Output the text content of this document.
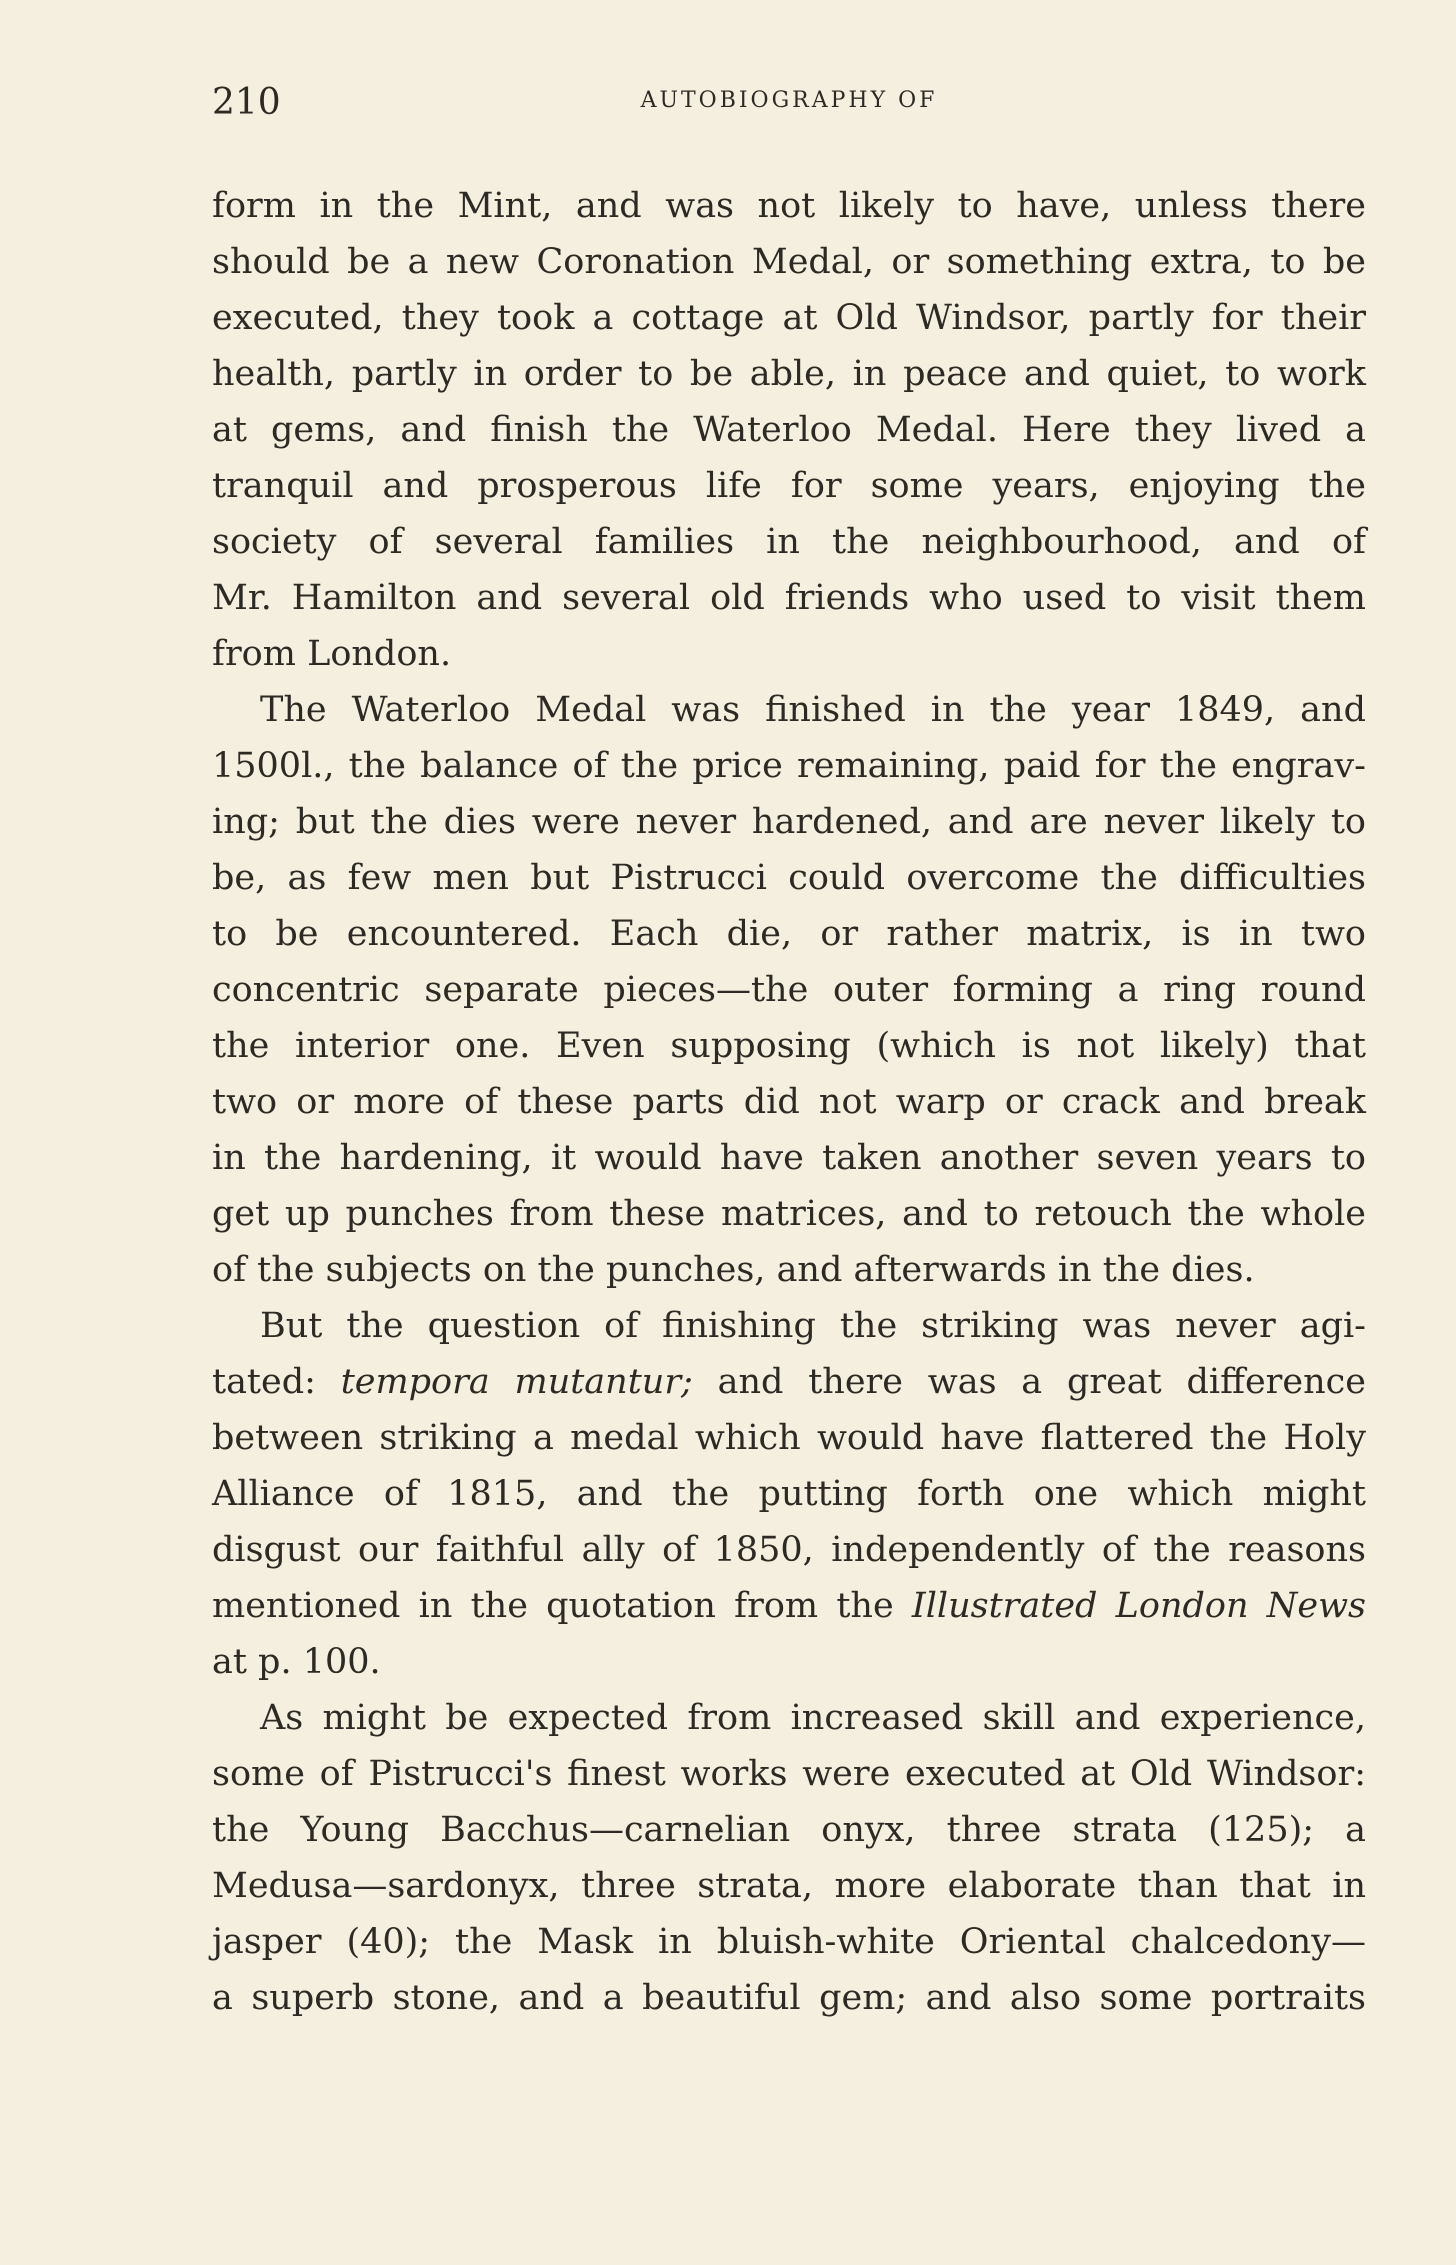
210	AUTOBIOGRAPHY OF
form in the Mint, and was not likely to have, unless there
should be a new Coronation Medal, or something extra, to be
executed, they took a cottage at Old Windsor, partly for their
health, partly in order to be able, in peace and quiet, to work
at gems, and finish the Waterloo Medal. Here they lived a
tranquil and prosperous life for some years, enjoying the
society of several families in the neighbourhood, and of
Mr. Hamilton and several old friends who used to visit them
from London.
The Waterloo Medal was finished in the year 1849, and
1500l., the balance of the price remaining, paid for the engrav-
ing; but the dies were never hardened, and are never likely to
be, as few men but Pistrucci could overcome the difficulties
to be encountered. Each die, or rather matrix, is in two
concentric separate pieces—the outer forming a ring round
the interior one. Even supposing (which is not likely) that
two or more of these parts did not warp or crack and break
in the hardening, it would have taken another seven years to
get up punches from these matrices, and to retouch the whole
of the subjects on the punches, and afterwards in the dies.
But the question of finishing the striking was never agi-
tated: tempora mutantur; and there was a great difference
between striking a medal which would have flattered the Holy
Alliance of 1815, and the putting forth one which might
disgust our faithful ally of 1850, independently of the reasons
mentioned in the quotation from the Illustrated London News
at p. 100.
As might be expected from increased skill and experience,
some of Pistrucci's finest works were executed at Old Windsor:
the Young Bacchus—carnelian onyx, three strata (125); a
Medusa—sardonyx, three strata, more elaborate than that in
jasper (40); the Mask in bluish-white Oriental chalcedony—
a superb stone, and a beautiful gem; and also some portraits
